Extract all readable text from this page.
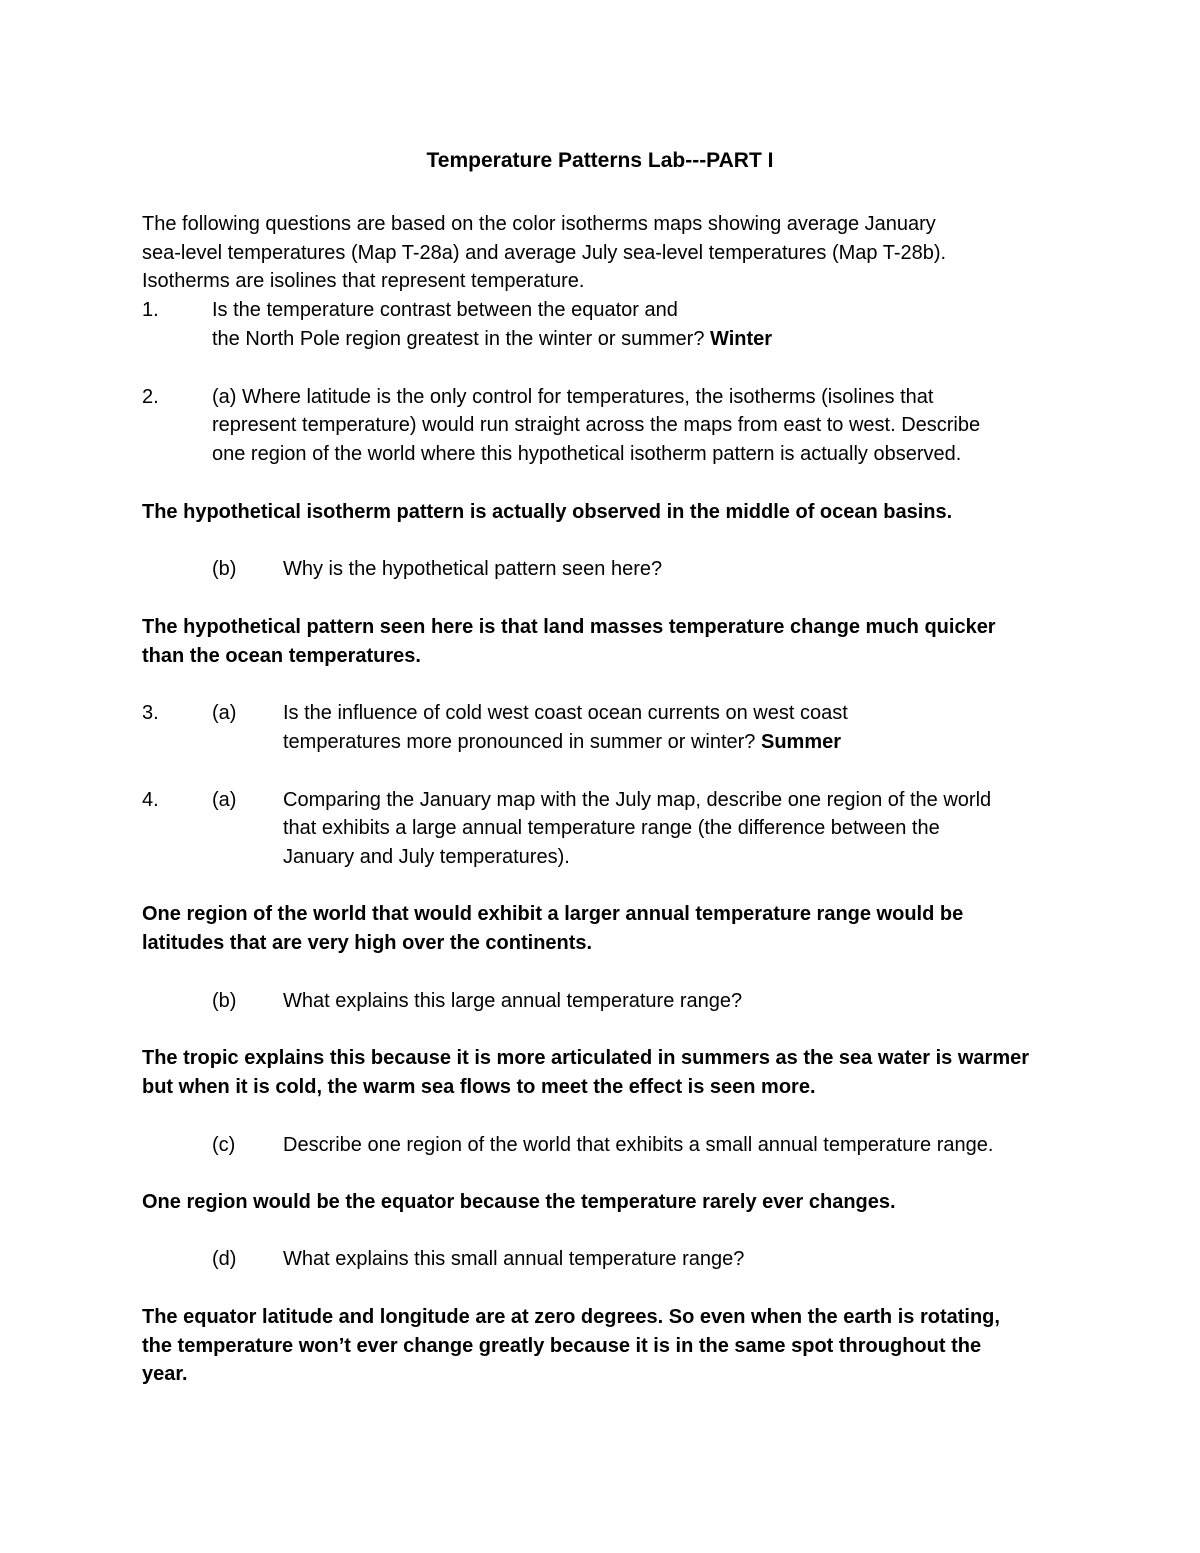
Temperature Patterns Lab---PART I
The following questions are based on the color isotherms maps showing average January
sea-level temperatures (Map T-28a) and average July sea-level temperatures (Map T-28b).
Isotherms are isolines that represent temperature.
1.	Is the temperature contrast between the equator and
the North Pole region greatest in the winter or summer? Winter
2.	(a) Where latitude is the only control for temperatures, the isotherms (isolines that
represent temperature) would run straight across the maps from east to west. Describe
one region of the world where this hypothetical isotherm pattern is actually observed.
The hypothetical isotherm pattern is actually observed in the middle of ocean basins.
(b) Why is the hypothetical pattern seen here?
The hypothetical pattern seen here is that land masses temperature change much quicker
than the ocean temperatures.
3.	(a) Is the influence of cold west coast ocean currents on west coast
temperatures more pronounced in summer or winter? Summer
4.	(a) Comparing the January map with the July map, describe one region of the world
that exhibits a large annual temperature range (the difference between the
January and July temperatures).
One region of the world that would exhibit a larger annual temperature range would be
latitudes that are very high over the continents.
(b) What explains this large annual temperature range?
The tropic explains this because it is more articulated in summers as the sea water is warmer
but when it is cold, the warm sea flows to meet the effect is seen more.
(c) Describe one region of the world that exhibits a small annual temperature range.
One region would be the equator because the temperature rarely ever changes.
(d) What explains this small annual temperature range?
The equator latitude and longitude are at zero degrees. So even when the earth is rotating,
the temperature won’t ever change greatly because it is in the same spot throughout the
year.
